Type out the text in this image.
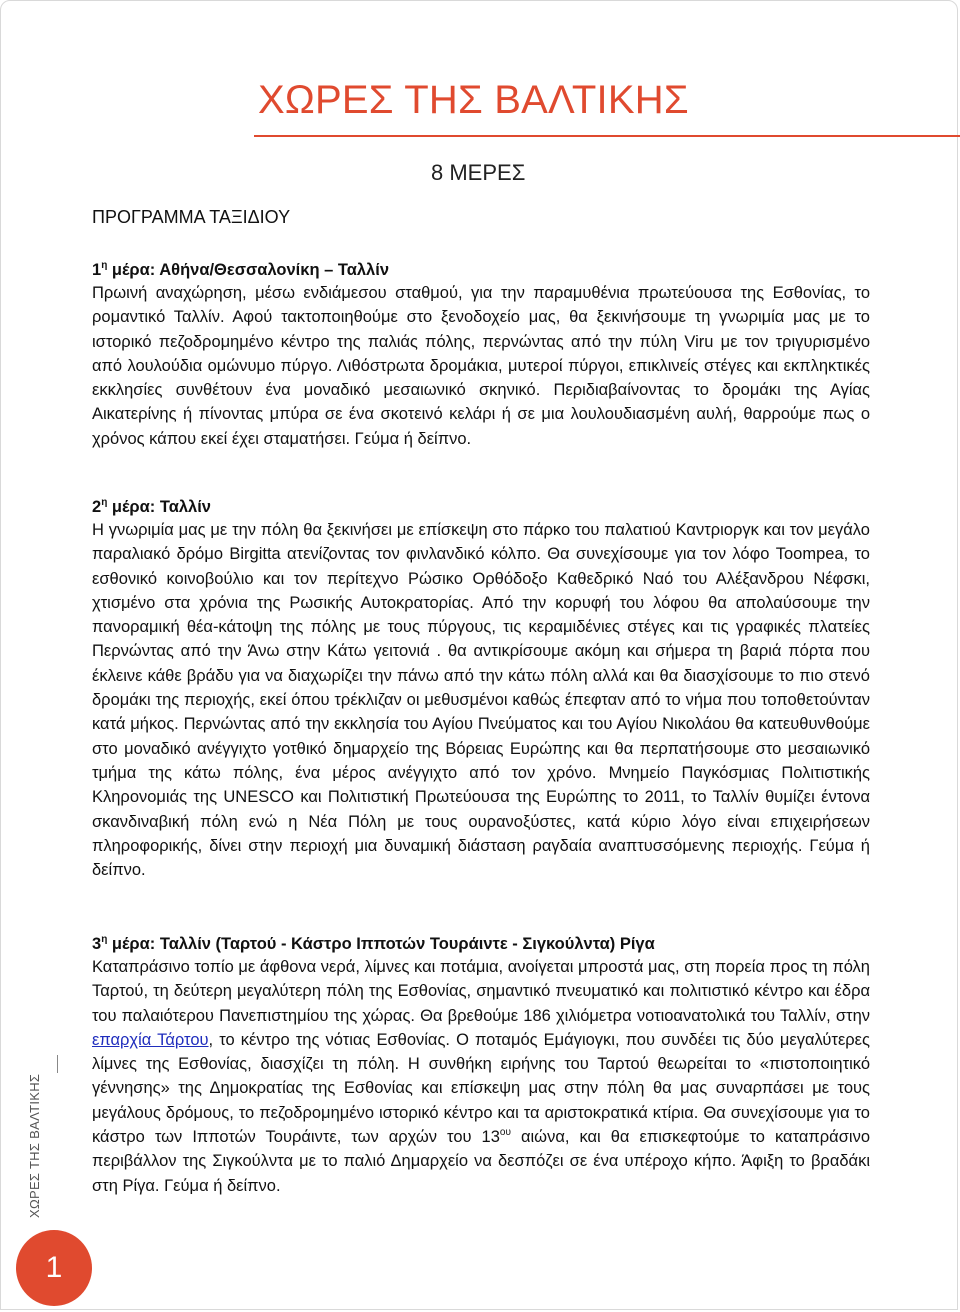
ΧΩΡΕΣ ΤΗΣ ΒΑΛΤΙΚΗΣ
8 ΜΕΡΕΣ
ΠΡΟΓΡΑΜΜΑ ΤΑΞΙΔΙΟΥ

$1^\eta$ μέρα: Αθήνα/Θεσσαλονίκη – Ταλλίν

Πρωινή αναχώρηση, μέσω ενδιάμεσου σταθμού, για την παραμυθένια πρωτεύουσα της Εσθονίας, το ρομαντικό Ταλλίν. Αφού τακτοποιηθούμε στο ξενοδοχείο μας, θα ξεκινήσουμε τη γνωριμία μας με το ιστορικό πεζοδρομημένο κέντρο της παλιάς πόλης, περνώντας από την πύλη Viru με τον τριγυρισμένο από λουλούδια ομώνυμο πύργο. Λιθόστρωτα δρομάκια, μυτεροί πύργοι, επικλινείς στέγες και εκπληκτικές εκκλησίες συνθέτουν ένα μοναδικό μεσαιωνικό σκηνικό. Περιδιαβαίνοντας το δρομάκι της Αγίας Αικατερίνης ή πίνοντας μπύρα σε ένα σκοτεινό κελάρι ή σε μια λουλουδιασμένη αυλή, θαρρούμε πως ο χρόνος κάπου εκεί έχει σταματήσει. Γεύμα ή δείπνο.

$2^\eta$ μέρα: Ταλλίν

Η γνωριμία μας με την πόλη θα ξεκινήσει με επίσκεψη στο πάρκο του παλατιού Καντριοργκ και τον μεγάλο παραλιακό δρόμο Birgitta ατενίζοντας τον φινλανδικό κόλπο. Θα συνεχίσουμε για τον λόφο Toompea, το εσθονικό κοινοβούλιο και τον περίτεχνο Ρώσικο Ορθόδοξο Καθεδρικό Ναό του Αλέξανδρου Νέφσκι, χτισμένο στα χρόνια της Ρωσικής Αυτοκρατορίας. Από την κορυφή του λόφου θα απολαύσουμε την πανοραμική θέα-κάτοψη της πόλης με τους πύργους, τις κεραμιδένιες στέγες και τις γραφικές πλατείες Περνώντας από την Άνω στην Κάτω γειτονιά . θα αντικρίσουμε ακόμη και σήμερα τη βαριά πόρτα που έκλεινε κάθε βράδυ για να διαχωρίζει την πάνω από την κάτω πόλη αλλά και θα διασχίσουμε το πιο στενό δρομάκι της περιοχής, εκεί όπου τρέκλιζαν οι μεθυσμένοι καθώς έπεφταν από το νήμα που τοποθετούνταν κατά μήκος. Περνώντας από την εκκλησία του Αγίου Πνεύματος και του Αγίου Νικολάου θα κατευθυνθούμε στο μοναδικό ανέγγιχτο γοτθικό δημαρχείο της Βόρειας Ευρώπης και θα περπατήσουμε στο μεσαιωνικό τμήμα της κάτω πόλης, ένα μέρος ανέγγιχτο από τον χρόνο. Μνημείο Παγκόσμιας Πολιτιστικής Κληρονομιάς της UNESCO και Πολιτιστική Πρωτεύουσα της Ευρώπης το 2011, το Ταλλίν θυμίζει έντονα σκανδιναβική πόλη ενώ η Νέα Πόλη με τους ουρανοξύστες, κατά κύριο λόγο είναι επιχειρήσεων πληροφορικής, δίνει στην περιοχή μια δυναμική διάσταση ραγδαία αναπτυσσόμενης περιοχής. Γεύμα ή δείπνο.

$3^\eta$ μέρα: Ταλλίν (Ταρτού - Κάστρο Ιπποτών Τουράιντε - Σιγκούλντα) Ρίγα

Καταπράσινο τοπίο με άφθονα νερά, λίμνες και ποτάμια, ανοίγεται μπροστά μας, στη πορεία προς τη πόλη Ταρτού, τη δεύτερη μεγαλύτερη πόλη της Εσθονίας, σημαντικό πνευματικό και πολιτιστικό κέντρο και έδρα του παλαιότερου Πανεπιστημίου της χώρας. Θα βρεθούμε 186 χιλιόμετρα νοτιοανατολικά του Ταλλίν, στην επαρχία Τάρτου, το κέντρο της νότιας Εσθονίας. Ο ποταμός Εμάγιογκι, που συνδέει τις δύο μεγαλύτερες λίμνες της Εσθονίας, διασχίζει τη πόλη. Η συνθήκη ειρήνης του Ταρτού θεωρείται το «πιστοποιητικό γέννησης» της Δημοκρατίας της Εσθονίας και επίσκεψη μας στην πόλη θα μας συναρπάσει με τους μεγάλους δρόμους, το πεζοδρομημένο ιστορικό κέντρο και τα αριστοκρατικά κτίρια. Θα συνεχίσουμε για το κάστρο των Ιπποτών Τουράιντε, των αρχών του $13^{o\upsilon}$ αιώνα, και θα επισκεφτούμε το καταπράσινο περιβάλλον της Σιγκούλντα με το παλιό Δημαρχείο να δεσπόζει σε ένα υπέροχο κήπο. Άφιξη το βραδάκι στη Ρίγα. Γεύμα ή δείπνο.

ΧΩΡΕΣ ΤΗΣ ΒΑΛΤΙΚΗΣ
1
